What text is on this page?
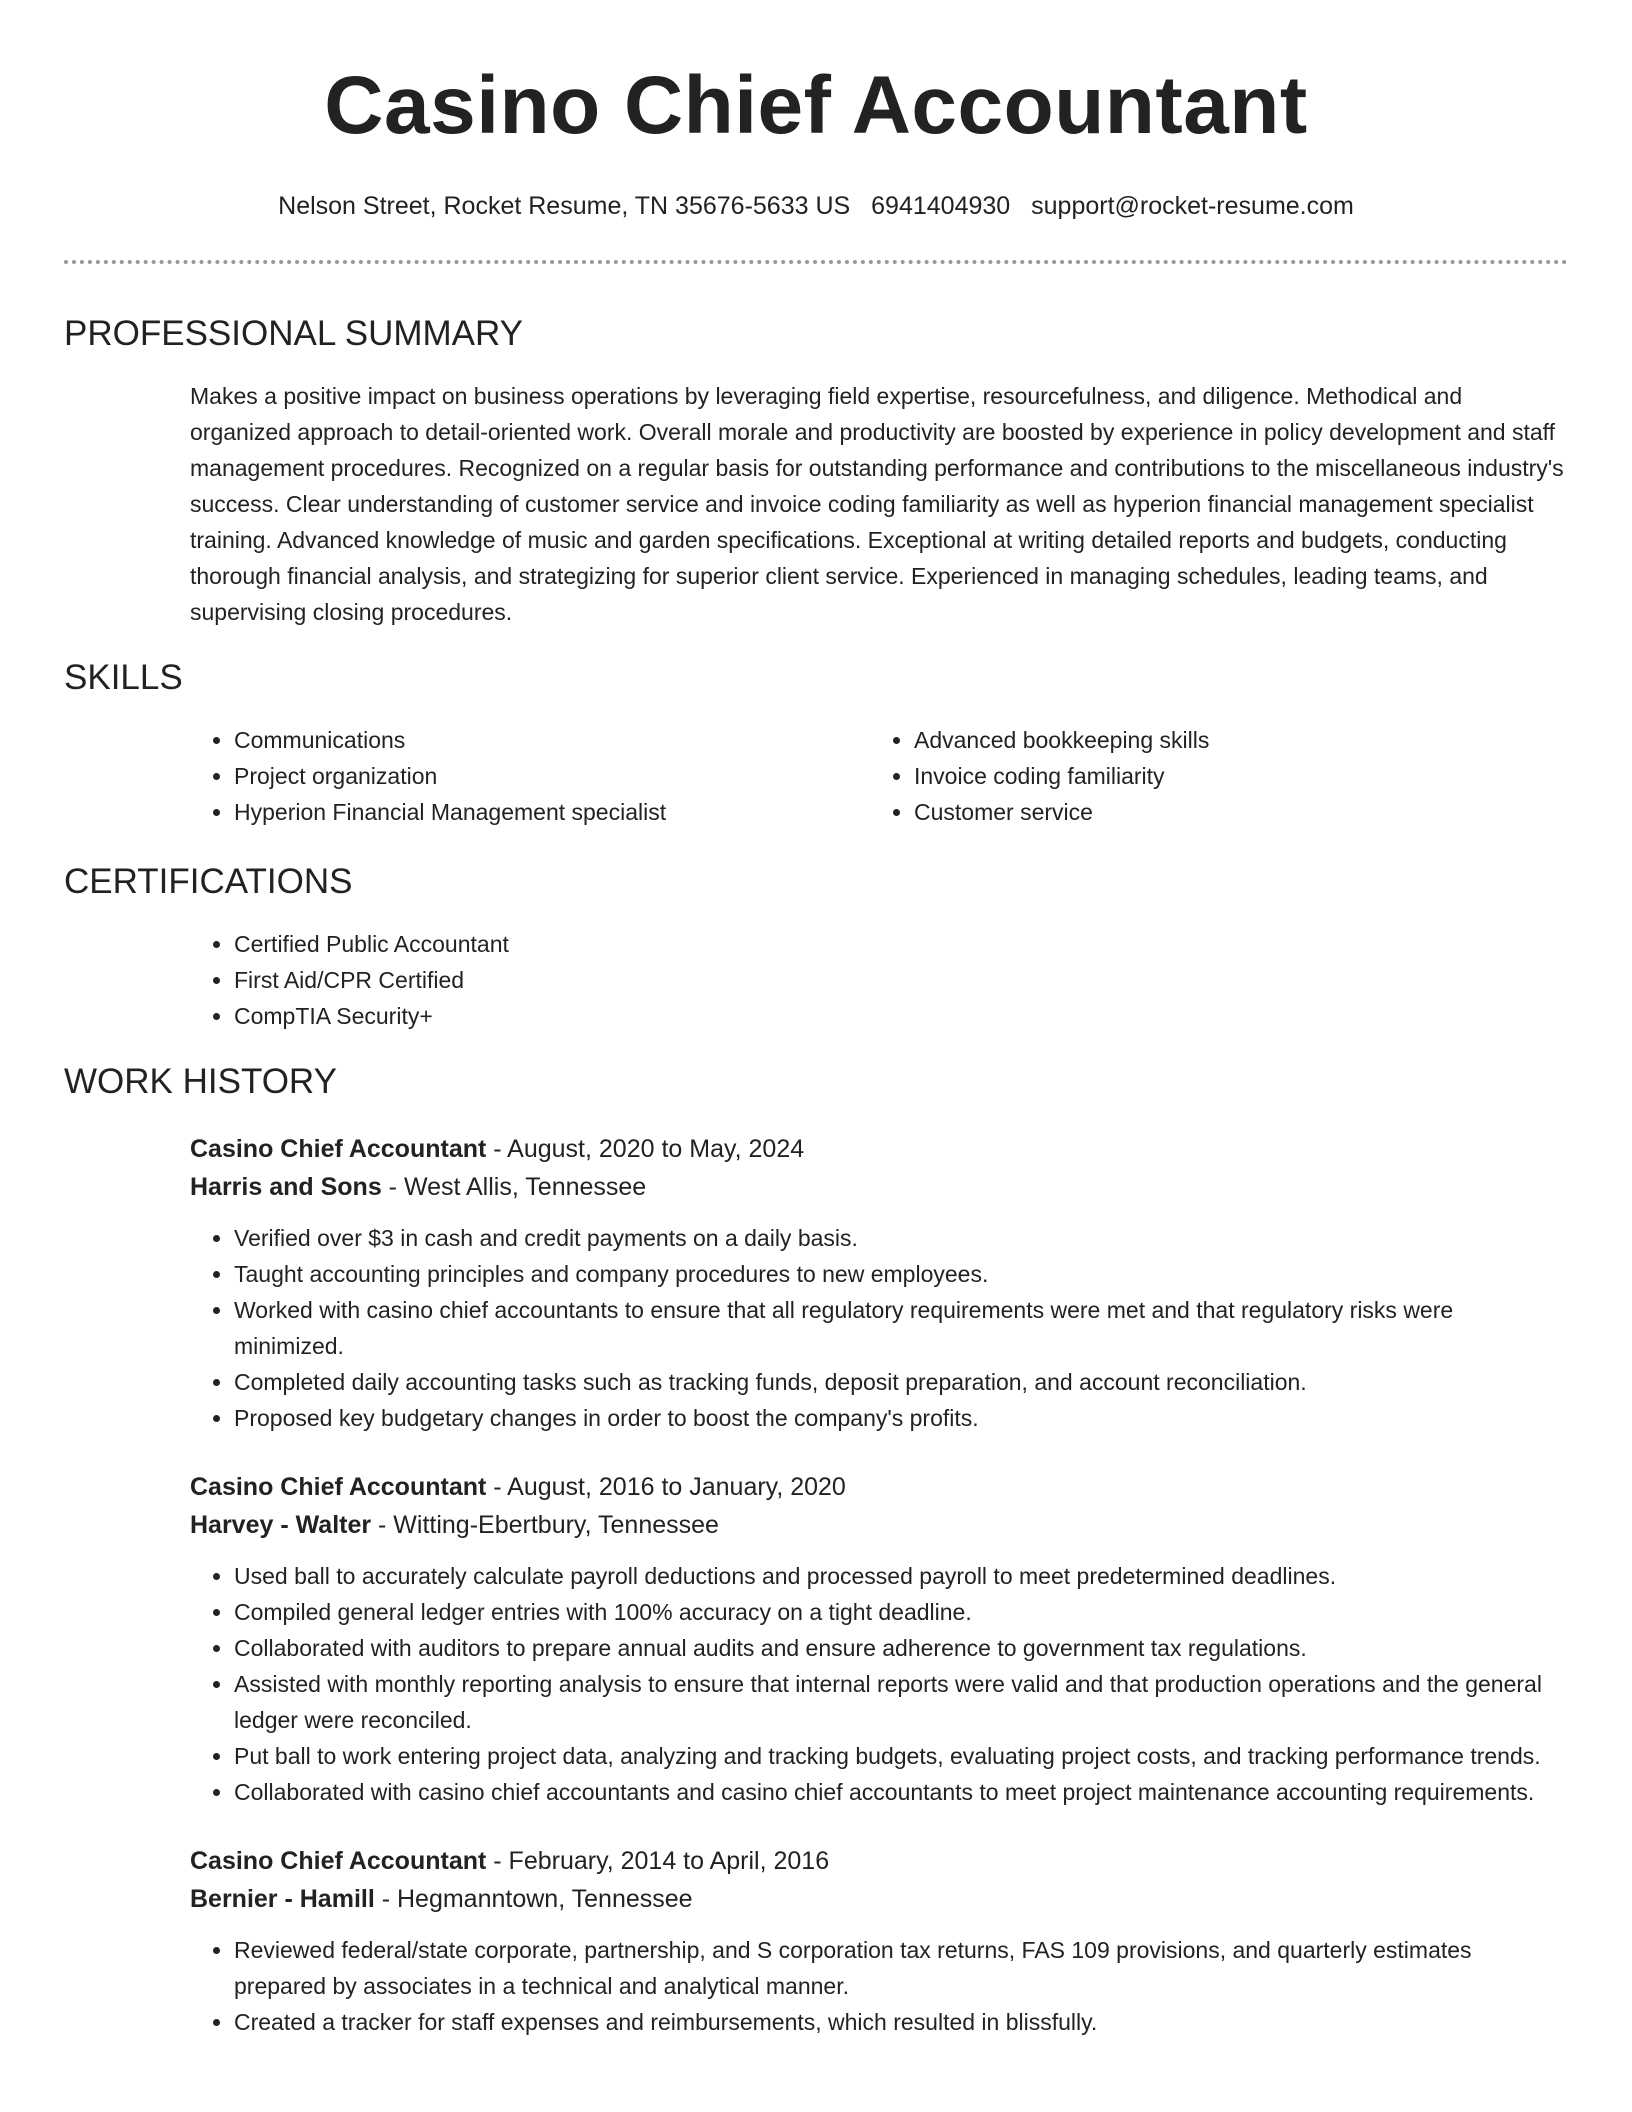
Casino Chief Accountant
Nelson Street, Rocket Resume, TN 35676-5633 US 6941404930 support@rocket-resume.com
PROFESSIONAL SUMMARY
Makes a positive impact on business operations by leveraging field expertise, resourcefulness, and diligence. Methodical and organized approach to detail-oriented work. Overall morale and productivity are boosted by experience in policy development and staff management procedures. Recognized on a regular basis for outstanding performance and contributions to the miscellaneous industry's success. Clear understanding of customer service and invoice coding familiarity as well as hyperion financial management specialist training. Advanced knowledge of music and garden specifications. Exceptional at writing detailed reports and budgets, conducting thorough financial analysis, and strategizing for superior client service. Experienced in managing schedules, leading teams, and supervising closing procedures.
SKILLS
• Communications
• Project organization
• Hyperion Financial Management specialist
• Advanced bookkeeping skills
• Invoice coding familiarity
• Customer service
CERTIFICATIONS
• Certified Public Accountant
• First Aid/CPR Certified
• CompTIA Security+
WORK HISTORY
Casino Chief Accountant - August, 2020 to May, 2024
Harris and Sons - West Allis, Tennessee
• Verified over $3 in cash and credit payments on a daily basis.
• Taught accounting principles and company procedures to new employees.
• Worked with casino chief accountants to ensure that all regulatory requirements were met and that regulatory risks were minimized.
• Completed daily accounting tasks such as tracking funds, deposit preparation, and account reconciliation.
• Proposed key budgetary changes in order to boost the company's profits.
Casino Chief Accountant - August, 2016 to January, 2020
Harvey - Walter - Witting-Ebertbury, Tennessee
• Used ball to accurately calculate payroll deductions and processed payroll to meet predetermined deadlines.
• Compiled general ledger entries with 100% accuracy on a tight deadline.
• Collaborated with auditors to prepare annual audits and ensure adherence to government tax regulations.
• Assisted with monthly reporting analysis to ensure that internal reports were valid and that production operations and the general ledger were reconciled.
• Put ball to work entering project data, analyzing and tracking budgets, evaluating project costs, and tracking performance trends.
• Collaborated with casino chief accountants and casino chief accountants to meet project maintenance accounting requirements.
Casino Chief Accountant - February, 2014 to April, 2016
Bernier - Hamill - Hegmanntown, Tennessee
• Reviewed federal/state corporate, partnership, and S corporation tax returns, FAS 109 provisions, and quarterly estimates prepared by associates in a technical and analytical manner.
• Created a tracker for staff expenses and reimbursements, which resulted in blissfully.
